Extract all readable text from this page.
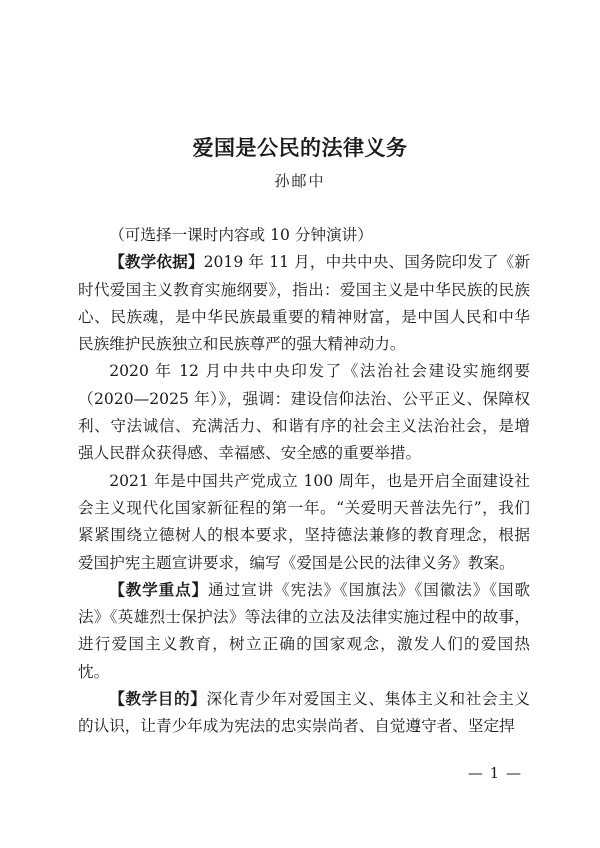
爱国是公民的法律义务
孙邮中

（可选择一课时内容或 10 分钟演讲）

【教学依据】2019 年 11 月，中共中央、国务院印发了《新时代爱国主义教育实施纲要》，指出：爱国主义是中华民族的民族心、民族魂，是中华民族最重要的精神财富，是中国人民和中华民族维护民族独立和民族尊严的强大精神动力。

2020 年 12 月中共中央印发了《法治社会建设实施纲要（2020—2025 年）》，强调：建设信仰法治、公平正义、保障权利、守法诚信、充满活力、和谐有序的社会主义法治社会，是增强人民群众获得感、幸福感、安全感的重要举措。

2021 年是中国共产党成立 100 周年，也是开启全面建设社会主义现代化国家新征程的第一年。“关爱明天普法先行”，我们紧紧围绕立德树人的根本要求，坚持德法兼修的教育理念，根据爱国护宪主题宣讲要求，编写《爱国是公民的法律义务》教案。

【教学重点】通过宣讲《宪法》《国旗法》《国徽法》《国歌法》《英雄烈士保护法》等法律的立法及法律实施过程中的故事，进行爱国主义教育，树立正确的国家观念，激发人们的爱国热忱。

【教学目的】深化青少年对爱国主义、集体主义和社会主义的认识，让青少年成为宪法的忠实崇尚者、自觉遵守者、坚定捍

— 1 —
